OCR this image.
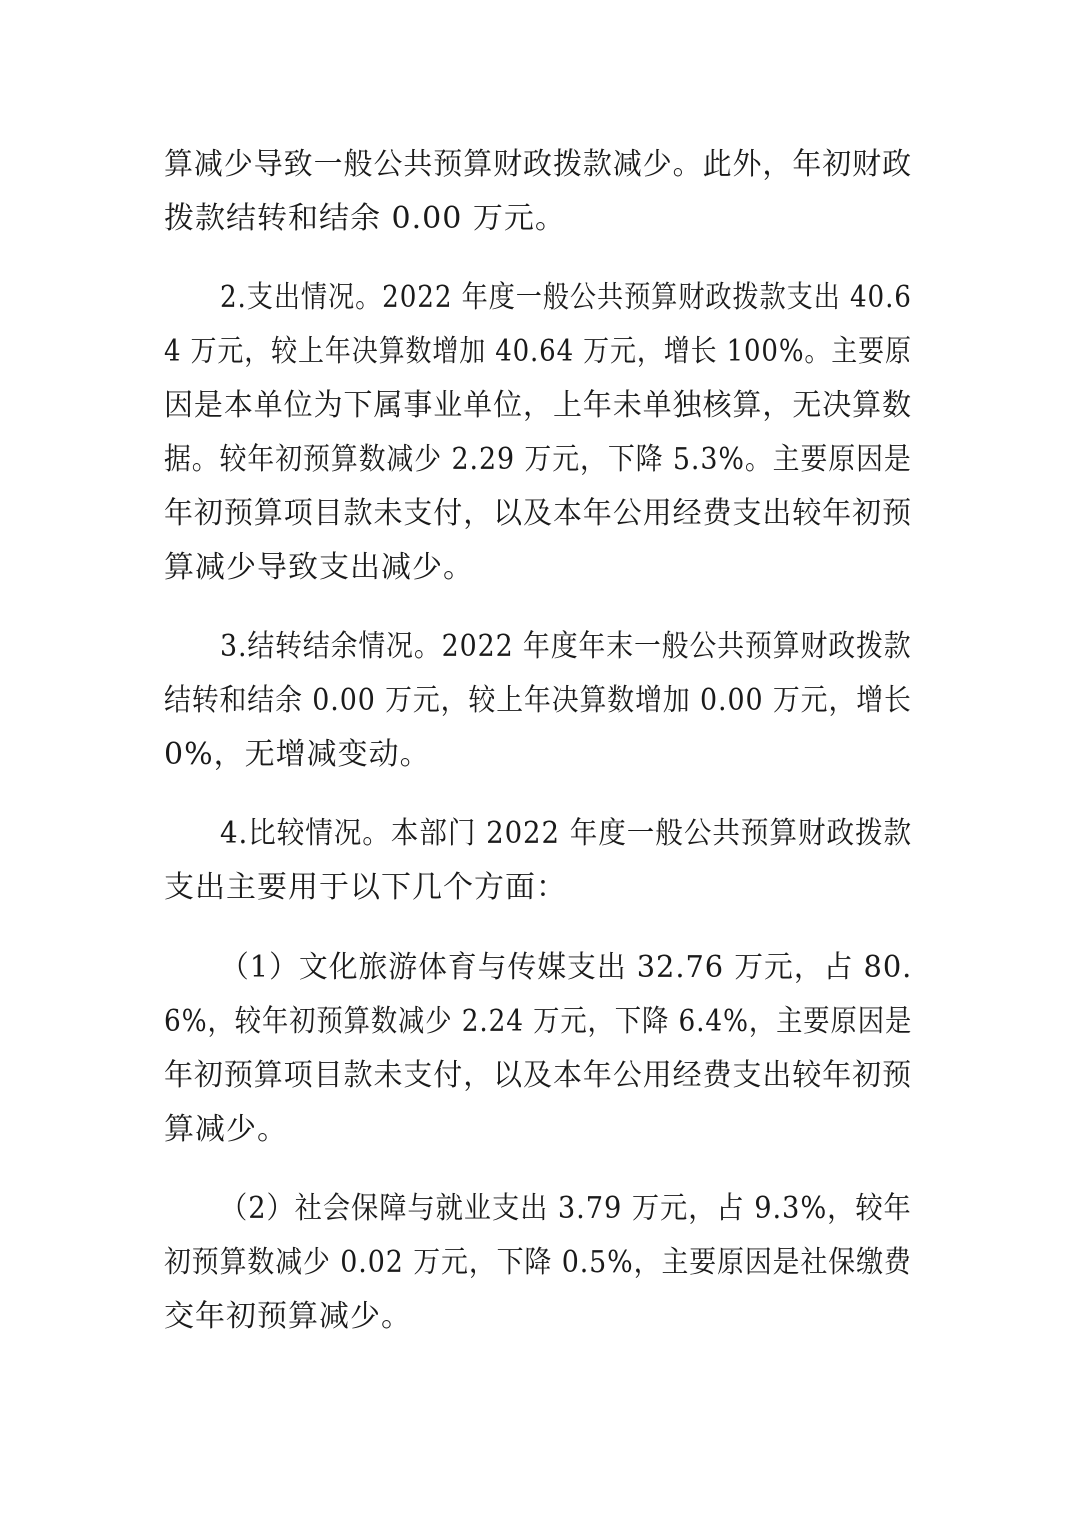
算减少导致一般公共预算财政拨款减少。此外，年初财政
拨款结转和结余 0.00 万元。
2.支出情况。2022 年度一般公共预算财政拨款支出 40.6
4 万元，较上年决算数增加 40.64 万元，增长 100%。主要原
因是本单位为下属事业单位，上年未单独核算，无决算数
据。较年初预算数减少 2.29 万元，下降 5.3%。主要原因是
年初预算项目款未支付，以及本年公用经费支出较年初预
算减少导致支出减少。
3.结转结余情况。2022 年度年末一般公共预算财政拨款
结转和结余 0.00 万元，较上年决算数增加 0.00 万元，增长
0%，无增减变动。
4.比较情况。本部门 2022 年度一般公共预算财政拨款
支出主要用于以下几个方面：
（1）文化旅游体育与传媒支出 32.76 万元，占 80.
6%，较年初预算数减少 2.24 万元，下降 6.4%，主要原因是
年初预算项目款未支付，以及本年公用经费支出较年初预
算减少。
（2）社会保障与就业支出 3.79 万元，占 9.3%，较年
初预算数减少 0.02 万元，下降 0.5%，主要原因是社保缴费
交年初预算减少。
